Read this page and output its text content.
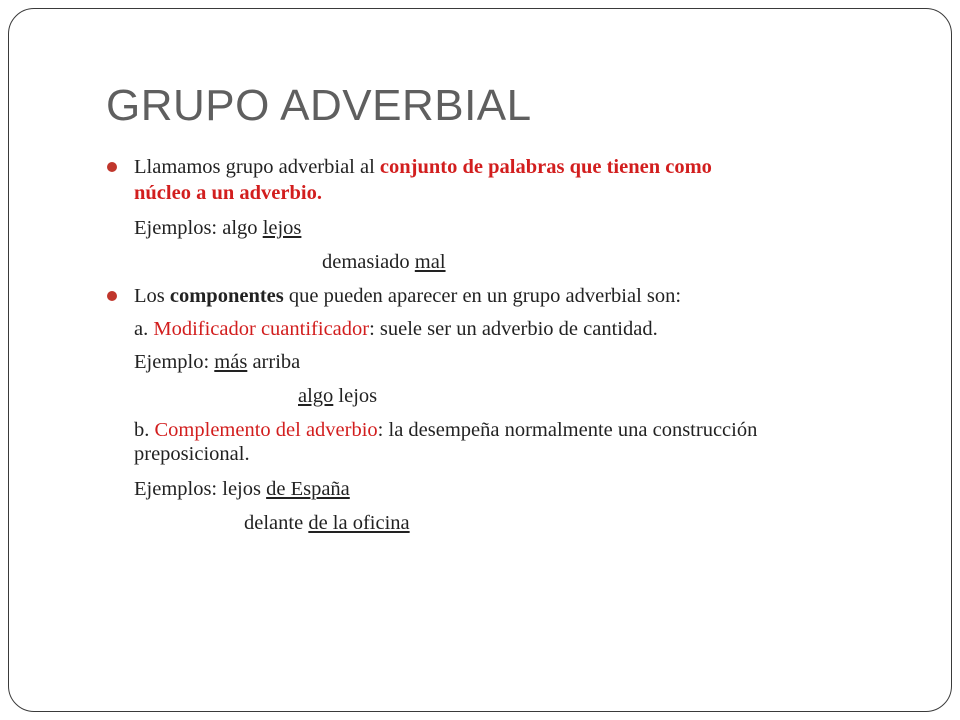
GRUPO ADVERBIAL
Llamamos grupo adverbial al conjunto de palabras que tienen como
núcleo a un adverbio.
Ejemplos: algo lejos
demasiado mal
Los componentes que pueden aparecer en un grupo adverbial son:
a. Modificador cuantificador: suele ser un adverbio de cantidad.
Ejemplo: más arriba
algo lejos
b. Complemento del adverbio: la desempeña normalmente una construcción
preposicional.
Ejemplos: lejos de España
delante de la oficina
